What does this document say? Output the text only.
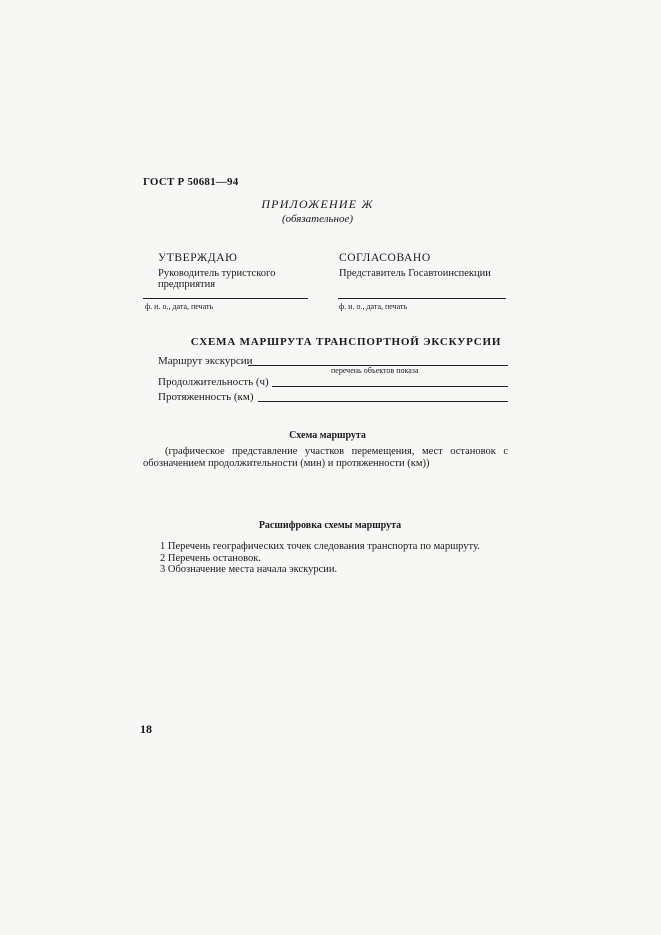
ГОСТ Р 50681—94
ПРИЛОЖЕНИЕ Ж
(обязательное)
УТВЕРЖДАЮ
Руководитель туристского предприятия
ф. и. о., дата, печать
СОГЛАСОВАНО
Представитель Госавтоинспекции
ф. и. о., дата, печать
СХЕМА МАРШРУТА ТРАНСПОРТНОЙ ЭКСКУРСИИ
Маршрут экскурсии
перечень объектов показа
Продолжительность (ч)
Протяженность (км)
Схема маршрута
(графическое представление участков перемещения, мест остановок с обозначением продолжительности (мин) и протяженности (км))
Расшифровка схемы маршрута
1 Перечень географических точек следования транспорта по маршруту.
2 Перечень остановок.
3 Обозначение места начала экскурсии.
18
